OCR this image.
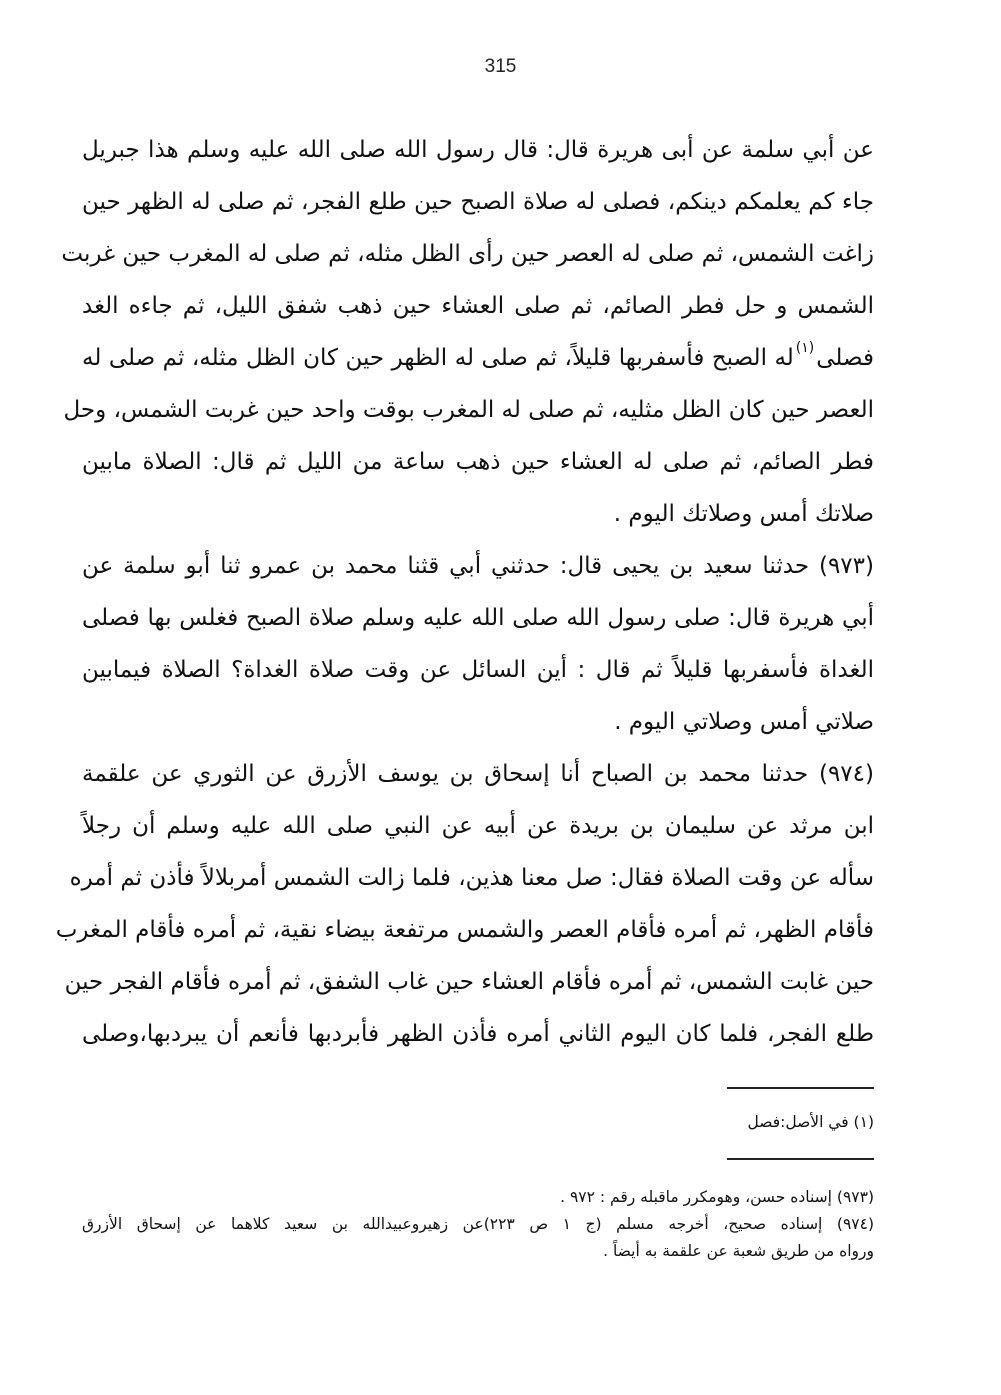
315
عن أبي سلمة عن أبى هريرة قال: قال رسول الله صلى الله عليه وسلم هذا جبريل
جاء كم يعلمكم دينكم، فصلى له صلاة الصبح حين طلع الفجر، ثم صلى له الظهر حين
زاغت الشمس، ثم صلى له العصر حين رأى الظل مثله، ثم صلى له المغرب حين غربت
الشمس و حل فطر الصائم، ثم صلى العشاء حين ذهب شفق الليل، ثم جاءه الغد
فصلى$^{(١)}$له الصبح فأسفربها قليلاً، ثم صلى له الظهر حين كان الظل مثله، ثم صلى له
العصر حين كان الظل مثليه، ثم صلى له المغرب بوقت واحد حين غربت الشمس، وحل
فطر الصائم، ثم صلى له العشاء حين ذهب ساعة من الليل ثم قال: الصلاة مابين
صلاتك أمس وصلاتك اليوم .
(٩٧٣) حدثنا سعيد بن يحيى قال: حدثني أبي قثنا محمد بن عمرو ثنا أبو سلمة عن
أبي هريرة قال: صلى رسول الله صلى الله عليه وسلم صلاة الصبح فغلس بها فصلى
الغداة فأسفربها قليلاً ثم قال : أين السائل عن وقت صلاة الغداة؟ الصلاة فيمابين
صلاتي أمس وصلاتي اليوم .
(٩٧٤) حدثنا محمد بن الصباح أنا إسحاق بن يوسف الأزرق عن الثوري عن علقمة
ابن مرثد عن سليمان بن بريدة عن أبيه عن النبي صلى الله عليه وسلم أن رجلاً
سأله عن وقت الصلاة فقال: صل معنا هذين، فلما زالت الشمس أمربلالاً فأذن ثم أمره
فأقام الظهر، ثم أمره فأقام العصر والشمس مرتفعة بيضاء نقية، ثم أمره فأقام المغرب
حين غابت الشمس، ثم أمره فأقام العشاء حين غاب الشفق، ثم أمره فأقام الفجر حين
طلع الفجر، فلما كان اليوم الثاني أمره فأذن الظهر فأبردبها فأنعم أن يبردبها،وصلى
(١) في الأصل:فصل
(٩٧٣) إسناده حسن، وهومكرر ماقبله رقم : ٩٧٢ .
(٩٧٤) إسناده صحيح، أخرجه مسلم (ج ١ ص ٢٢٣)عن زهيروعبيدالله بن سعيد كلاهما عن إسحاق الأزرق
ورواه من طريق شعبة عن علقمة به أيضاً .
